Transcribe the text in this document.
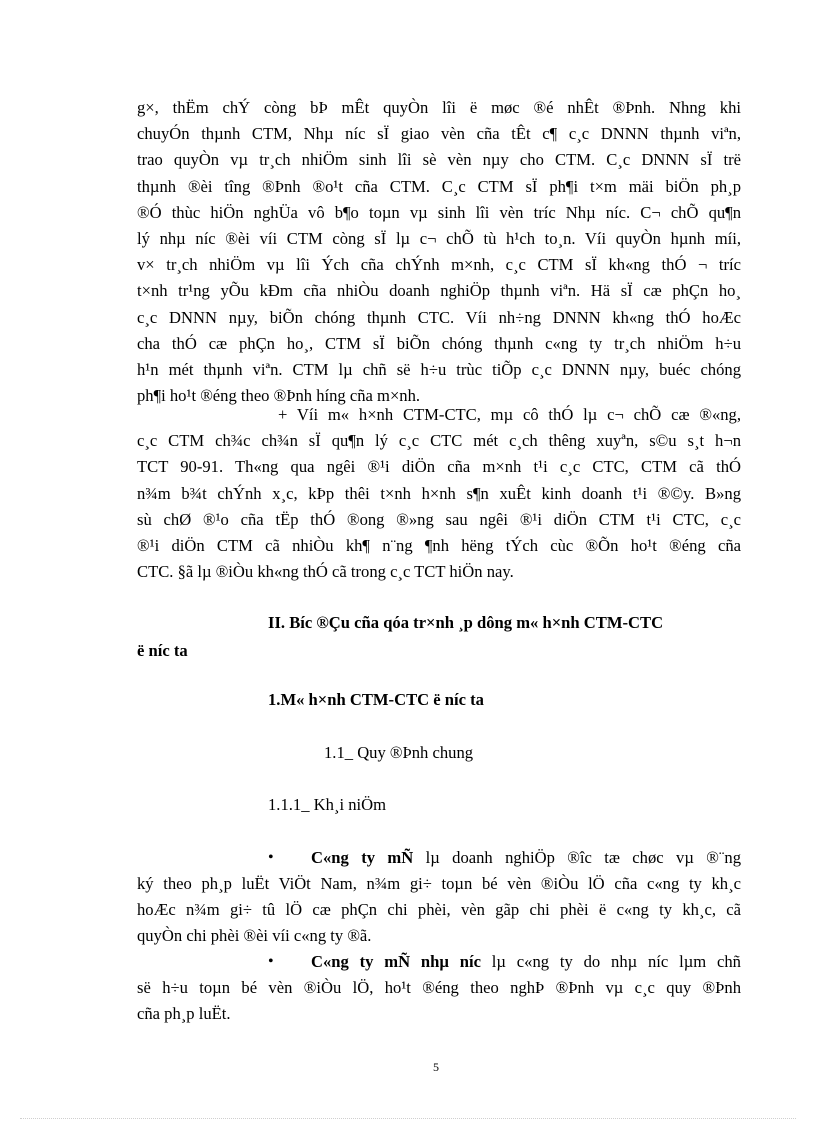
g×, thËm chÝ còng bÞ mÊt quyÒn lîi ë møc ®é nhÊt ®Þnh. Nhng khi
chuyÓn thµnh CTM, Nhµ níc sÏ giao vèn cña tÊt c¶ c¸c DNNN thµnh viªn,
trao quyÒn vµ tr¸ch nhiÖm sinh lîi sè vèn nµy cho CTM. C¸c DNNN sÏ trë
thµnh ®èi tîng ®Þnh ®o¹t cña CTM. C¸c CTM sÏ ph¶i t×m mäi biÖn ph¸p
®Ó thùc hiÖn nghÜa vô b¶o toµn vµ sinh lîi vèn tríc Nhµ níc. C¬ chÕ qu¶n
lý nhµ níc ®èi víi CTM còng sÏ lµ c¬ chÕ tù h¹ch to¸n. Víi quyÒn hµnh míi,
v× tr¸ch nhiÖm vµ lîi Ých cña chÝnh m×nh, c¸c CTM sÏ kh«ng thÓ ¬ tríc
t×nh tr¹ng yÕu kÐm cña nhiÒu doanh nghiÖp thµnh viªn. Hä sÏ cæ phÇn ho¸
c¸c DNNN nµy, biÕn chóng thµnh CTC. Víi nh÷ng DNNN kh«ng thÓ hoÆc
cha thÓ cæ phÇn ho¸, CTM sÏ biÕn chóng thµnh c«ng ty tr¸ch nhiÖm h÷u
h¹n mét thµnh viªn. CTM lµ chñ së h÷u trùc tiÕp c¸c DNNN nµy, buéc chóng
ph¶i ho¹t ®éng theo ®Þnh híng cña m×nh.
+ Víi m« h×nh CTM-CTC, mµ cô thÓ lµ c¬ chÕ cæ ®«ng,
c¸c CTM ch¾c ch¾n sÏ qu¶n lý c¸c CTC mét c¸ch thêng xuyªn, s©u s¸t h¬n
TCT 90-91. Th«ng qua ngêi ®¹i diÖn cña m×nh t¹i c¸c CTC, CTM cã thÓ
n¾m b¾t chÝnh x¸c, kÞp thêi t×nh h×nh s¶n xuÊt kinh doanh t¹i ®©y. B»ng
sù chØ ®¹o cña tËp thÓ ®ong ®»ng sau ngêi ®¹i diÖn CTM t¹i CTC, c¸c
®¹i diÖn CTM cã nhiÒu kh¶ n¨ng ¶nh hëng tÝch cùc ®Õn ho¹t ®éng cña
CTC. §ã lµ ®iÒu kh«ng thÓ cã trong c¸c TCT hiÖn nay.
II. Bíc ®Çu cña qóa tr×nh ¸p dông m« h×nh CTM-CTC
ë níc ta
1.M« h×nh CTM-CTC ë níc ta
1.1_ Quy ®Þnh chung
1.1.1_ Kh¸i niÖm
• C«ng ty mÑ lµ doanh nghiÖp ®îc tæ chøc vµ ®¨ng
ký theo ph¸p luËt ViÖt Nam, n¾m gi÷ toµn bé vèn ®iÒu lÖ cña c«ng ty kh¸c
hoÆc n¾m gi÷ tû lÖ cæ phÇn chi phèi, vèn gãp chi phèi ë c«ng ty kh¸c, cã
quyÒn chi phèi ®èi víi c«ng ty ®ã.
• C«ng ty mÑ nhµ níc lµ c«ng ty do nhµ níc lµm chñ
së h÷u toµn bé vèn ®iÒu lÖ, ho¹t ®éng theo nghÞ ®Þnh vµ c¸c quy ®Þnh
cña ph¸p luËt.
5
